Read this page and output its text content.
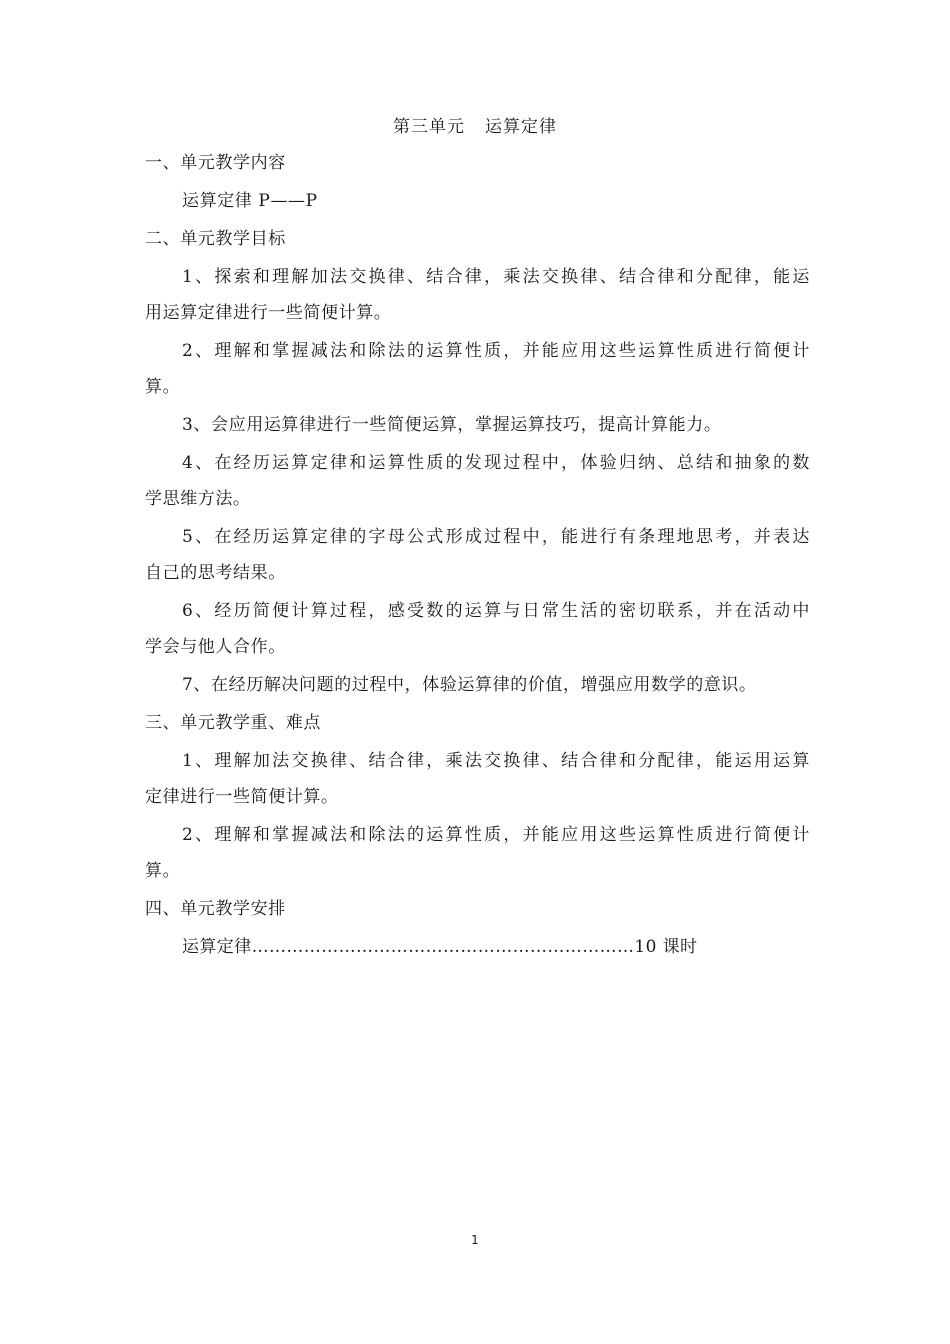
第三单元 运算定律
一、单元教学内容
运算定律 P——P
二、单元教学目标
1、探索和理解加法交换律、结合律，乘法交换律、结合律和分配律，能运
用运算定律进行一些简便计算。
2、理解和掌握减法和除法的运算性质，并能应用这些运算性质进行简便计
算。
3、会应用运算律进行一些简便运算，掌握运算技巧，提高计算能力。
4、在经历运算定律和运算性质的发现过程中，体验归纳、总结和抽象的数
学思维方法。
5、在经历运算定律的字母公式形成过程中，能进行有条理地思考，并表达
自己的思考结果。
6、经历简便计算过程，感受数的运算与日常生活的密切联系，并在活动中
学会与他人合作。
7、在经历解决问题的过程中，体验运算律的价值，增强应用数学的意识。
三、单元教学重、难点
1、理解加法交换律、结合律，乘法交换律、结合律和分配律，能运用运算
定律进行一些简便计算。
2、理解和掌握减法和除法的运算性质，并能应用这些运算性质进行简便计
算。
四、单元教学安排
运算定律…………………………………………………………10 课时
1
